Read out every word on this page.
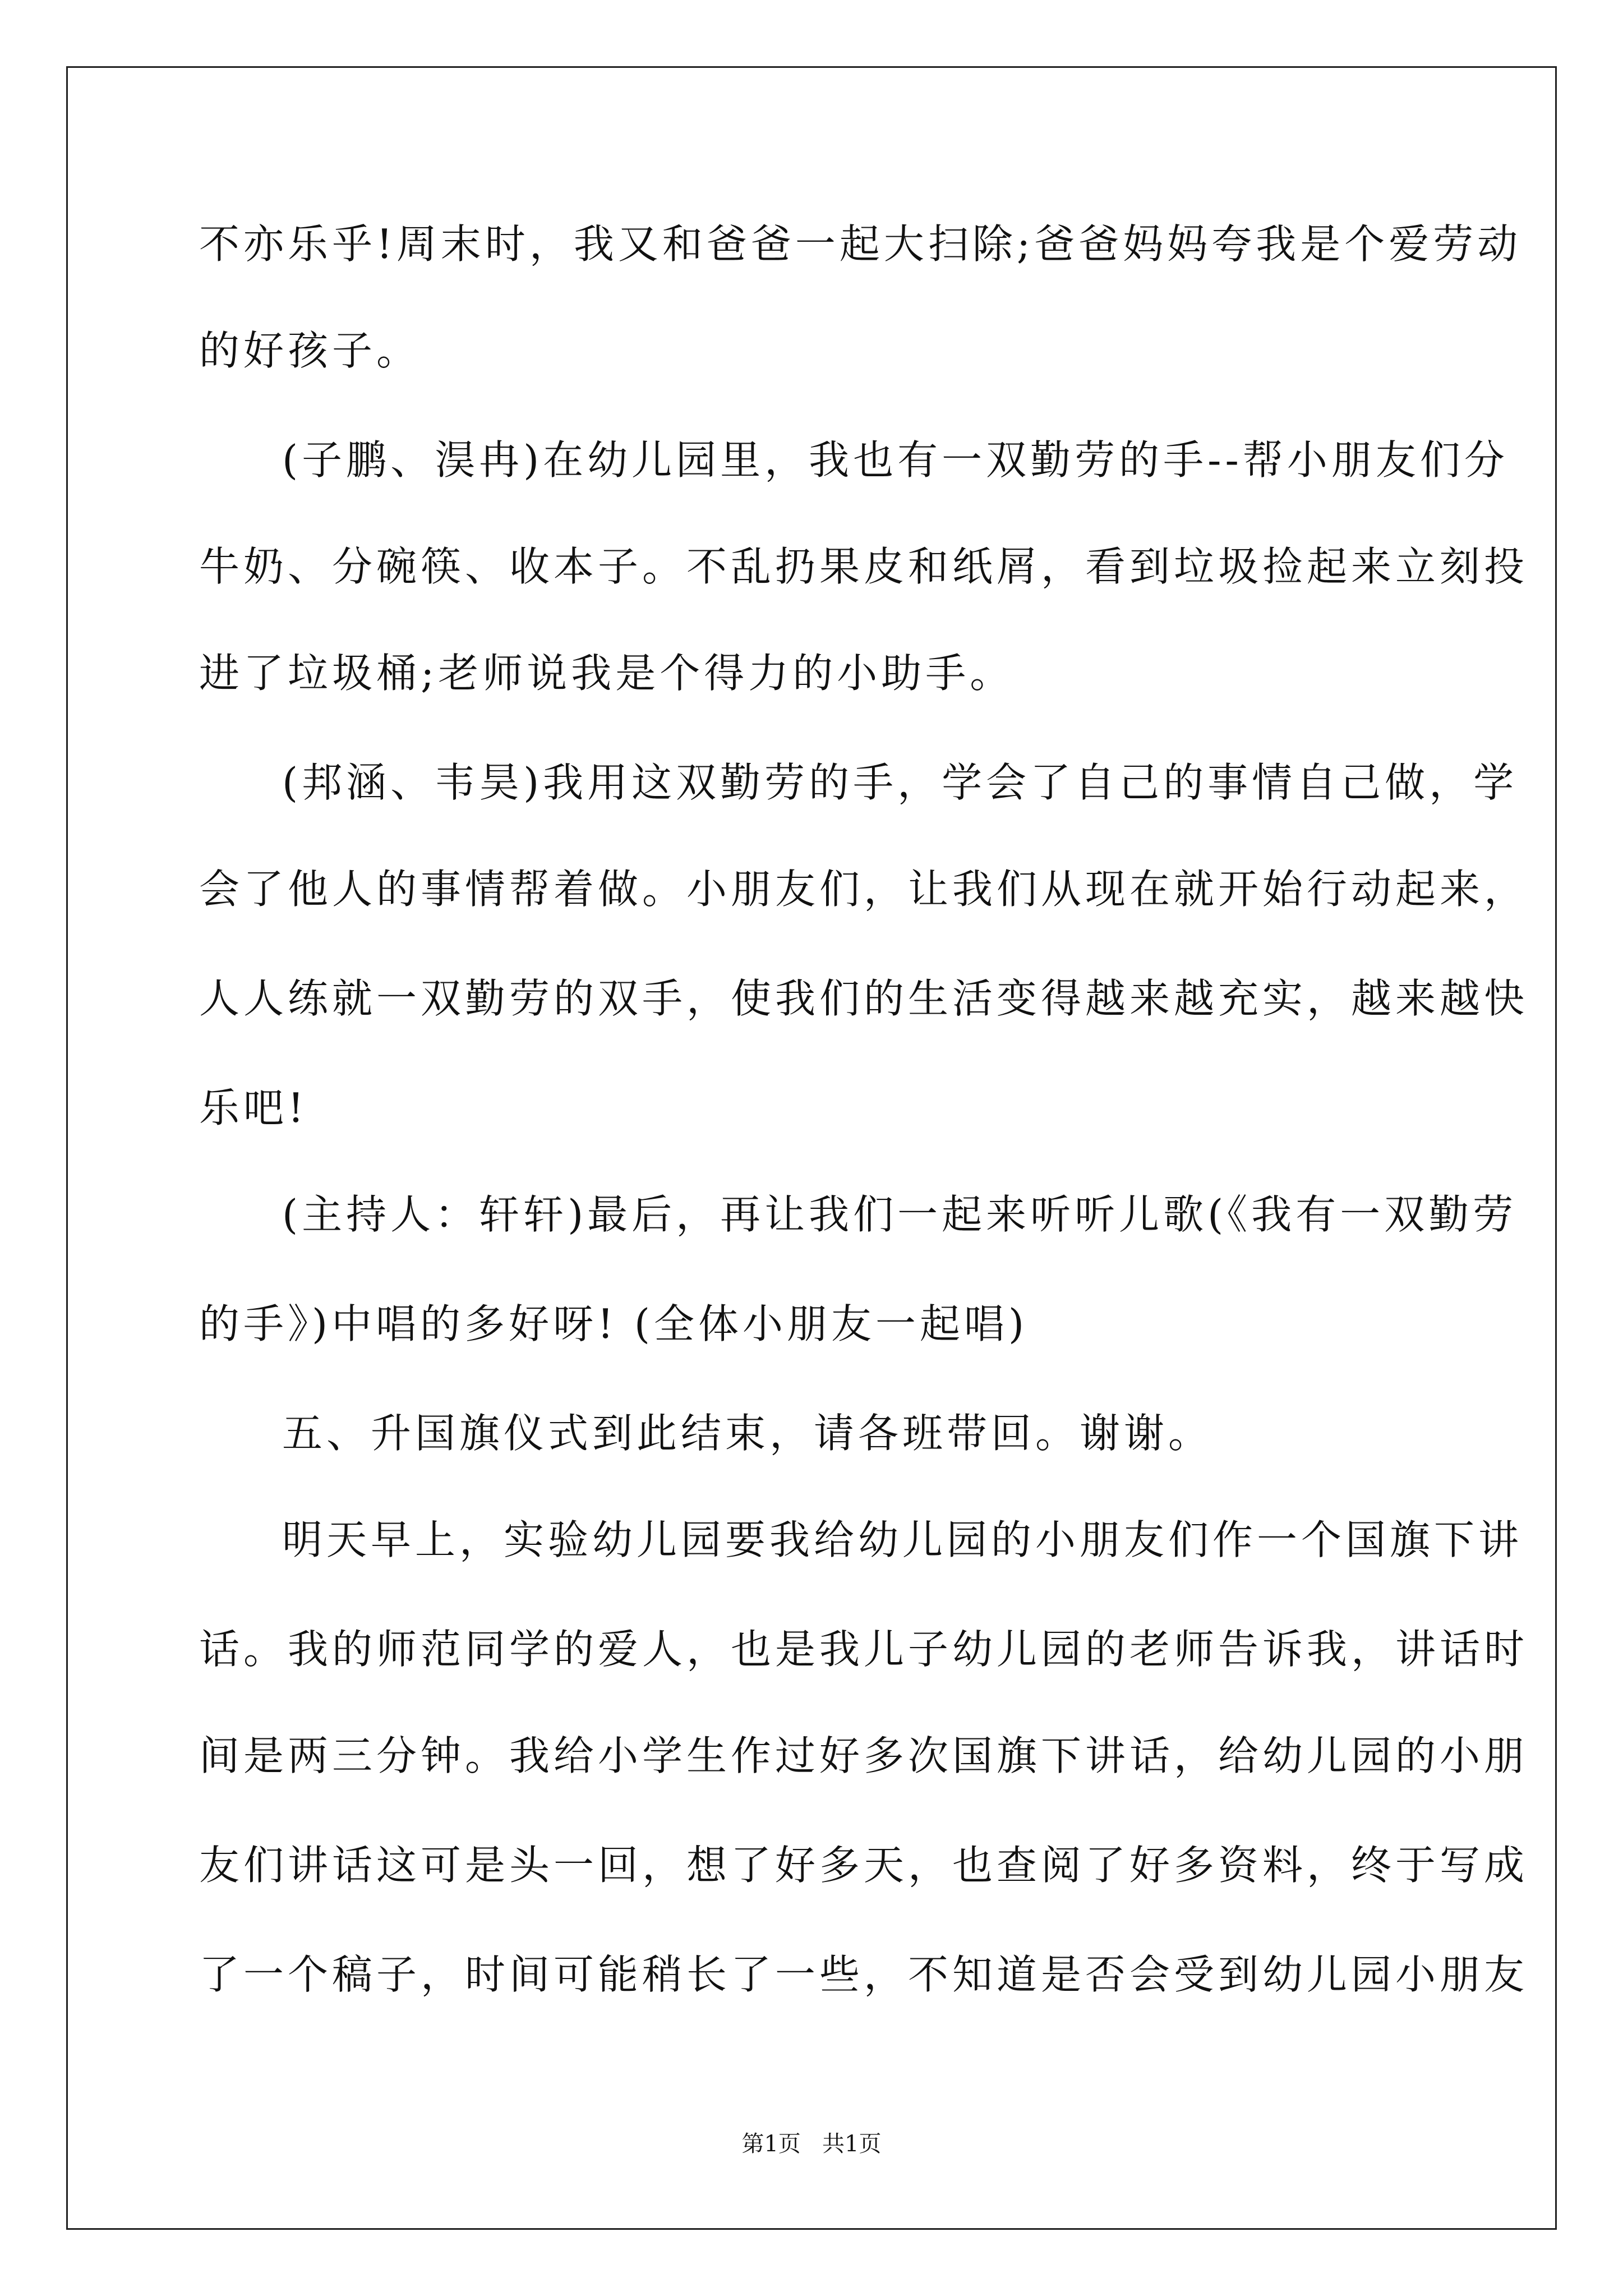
不亦乐乎!周末时，我又和爸爸一起大扫除;爸爸妈妈夸我是个爱劳动
的好孩子。
(子鹏、淏冉)在幼儿园里，我也有一双勤劳的手--帮小朋友们分
牛奶、分碗筷、收本子。不乱扔果皮和纸屑，看到垃圾捡起来立刻投
进了垃圾桶;老师说我是个得力的小助手。
(邦涵、韦昊)我用这双勤劳的手，学会了自己的事情自己做，学
会了他人的事情帮着做。小朋友们，让我们从现在就开始行动起来，
人人练就一双勤劳的双手，使我们的生活变得越来越充实，越来越快
乐吧!
(主持人：轩轩)最后，再让我们一起来听听儿歌(《我有一双勤劳
的手》)中唱的多好呀! (全体小朋友一起唱)
五、升国旗仪式到此结束，请各班带回。谢谢。
明天早上，实验幼儿园要我给幼儿园的小朋友们作一个国旗下讲
话。我的师范同学的爱人，也是我儿子幼儿园的老师告诉我，讲话时
间是两三分钟。我给小学生作过好多次国旗下讲话，给幼儿园的小朋
友们讲话这可是头一回，想了好多天，也查阅了好多资料，终于写成
了一个稿子，时间可能稍长了一些，不知道是否会受到幼儿园小朋友
第1页   共1页
